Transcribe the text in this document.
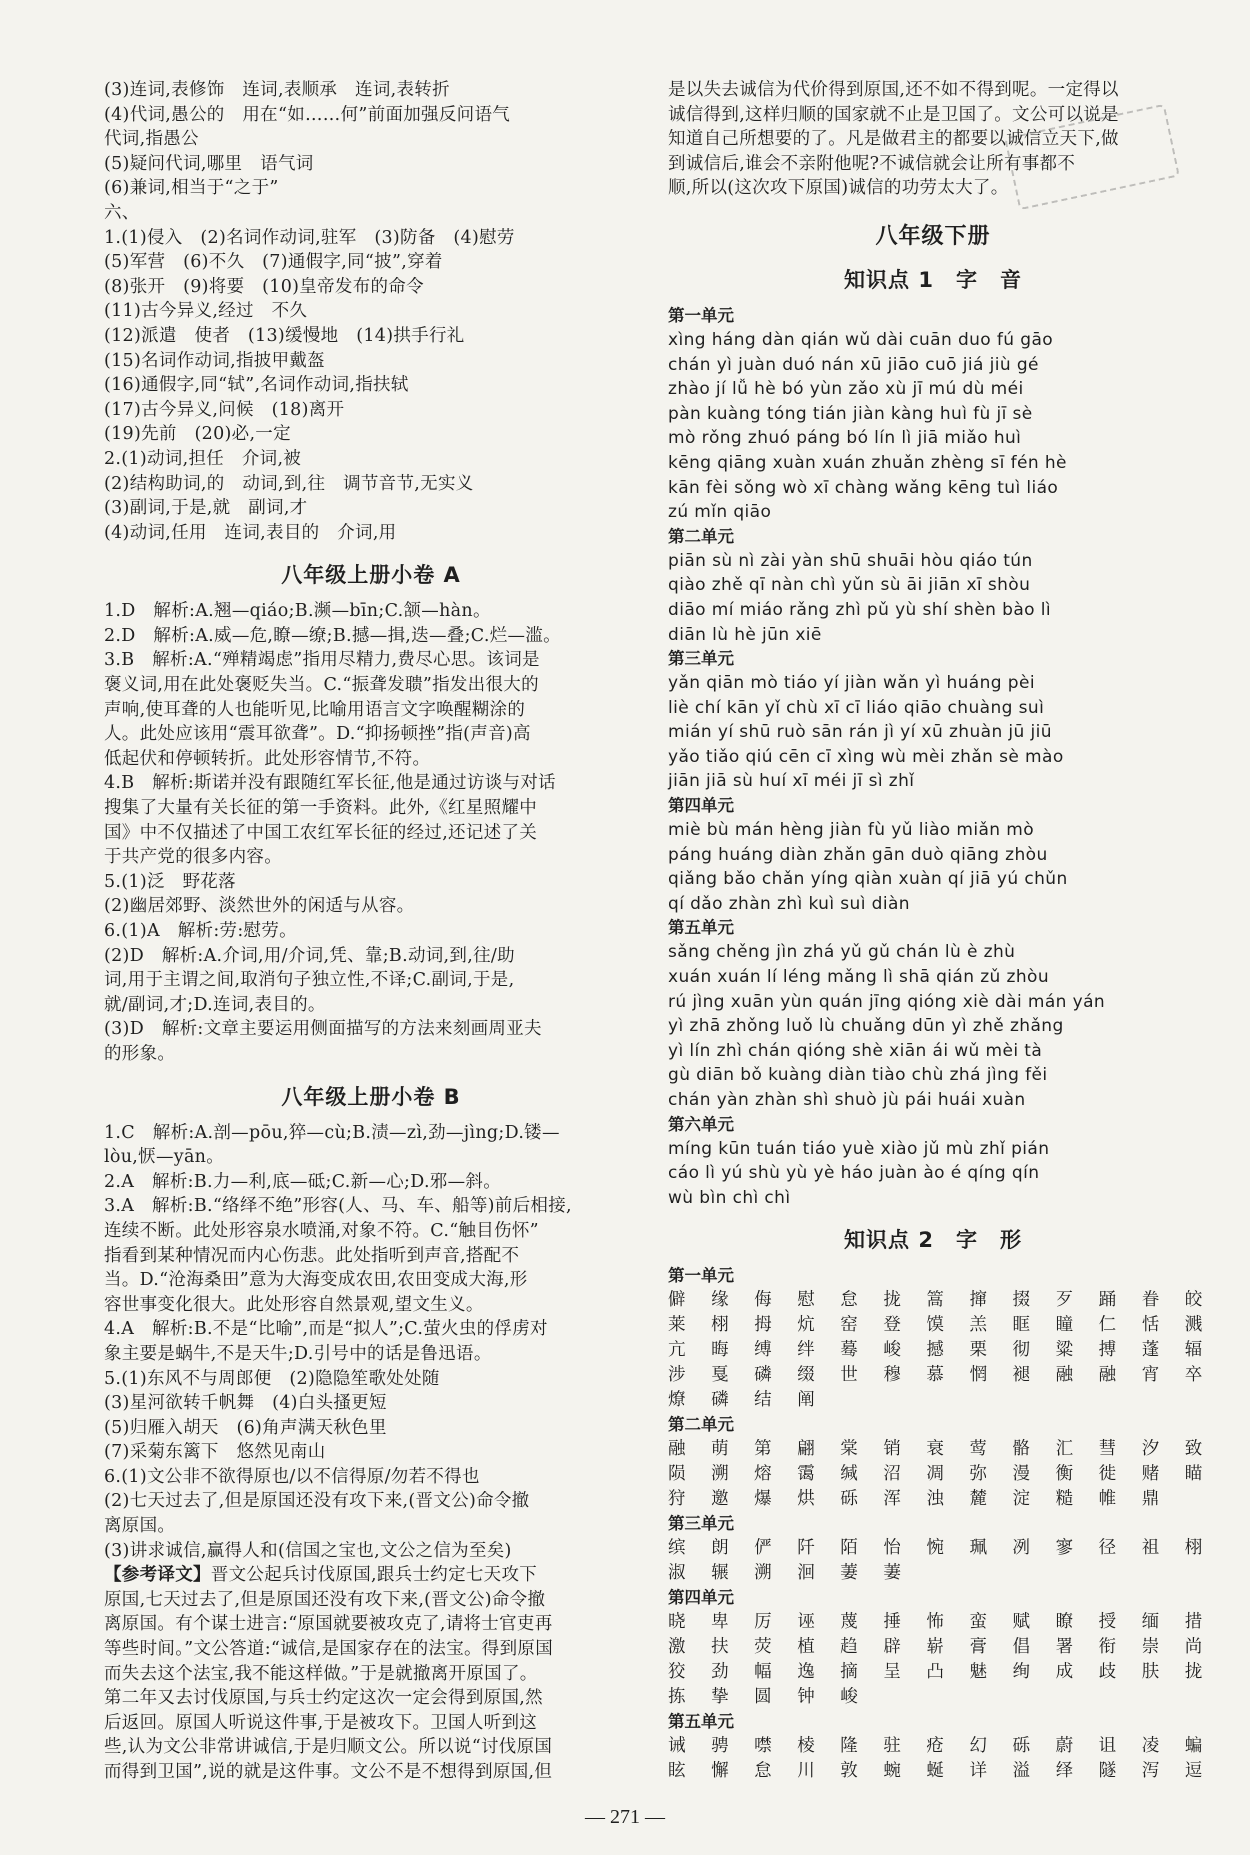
(3)连词,表修饰　连词,表顺承　连词,表转折
(4)代词,愚公的　用在“如……何”前面加强反问语气
代词,指愚公
(5)疑问代词,哪里　语气词
(6)兼词,相当于“之于”
六、
1.(1)侵入　(2)名词作动词,驻军　(3)防备　(4)慰劳
(5)军营　(6)不久　(7)通假字,同“披”,穿着
(8)张开　(9)将要　(10)皇帝发布的命令
(11)古今异义,经过　不久
(12)派遣　使者　(13)缓慢地　(14)拱手行礼
(15)名词作动词,指披甲戴盔
(16)通假字,同“轼”,名词作动词,指扶轼
(17)古今异义,问候　(18)离开
(19)先前　(20)必,一定
2.(1)动词,担任　介词,被
(2)结构助词,的　动词,到,往　调节音节,无实义
(3)副词,于是,就　副词,才
(4)动词,任用　连词,表目的　介词,用
八年级上册小卷 A
1.D　解析:A.翘—qiáo;B.濒—bīn;C.颔—hàn。
2.D　解析:A.威—危,瞭—缭;B.撼—揖,迭—叠;C.烂—滥。
3.B　解析:A.“殚精竭虑”指用尽精力,费尽心思。该词是
褒义词,用在此处褒贬失当。C.“振聋发聩”指发出很大的
声响,使耳聋的人也能听见,比喻用语言文字唤醒糊涂的
人。此处应该用“震耳欲聋”。D.“抑扬顿挫”指(声音)高
低起伏和停顿转折。此处形容情节,不符。
4.B　解析:斯诺并没有跟随红军长征,他是通过访谈与对话
搜集了大量有关长征的第一手资料。此外,《红星照耀中
国》中不仅描述了中国工农红军长征的经过,还记述了关
于共产党的很多内容。
5.(1)泛　野花落
(2)幽居郊野、淡然世外的闲适与从容。
6.(1)A　解析:劳:慰劳。
(2)D　解析:A.介词,用/介词,凭、靠;B.动词,到,往/助
词,用于主谓之间,取消句子独立性,不译;C.副词,于是,
就/副词,才;D.连词,表目的。
(3)D　解析:文章主要运用侧面描写的方法来刻画周亚夫
的形象。
八年级上册小卷 B
1.C　解析:A.剖—pōu,猝—cù;B.渍—zì,劲—jìng;D.镂—
lòu,恹—yān。
2.A　解析:B.力—利,底—砥;C.新—心;D.邪—斜。
3.A　解析:B.“络绎不绝”形容(人、马、车、船等)前后相接,
连续不断。此处形容泉水喷涌,对象不符。C.“触目伤怀”
指看到某种情况而内心伤悲。此处指听到声音,搭配不
当。D.“沧海桑田”意为大海变成农田,农田变成大海,形
容世事变化很大。此处形容自然景观,望文生义。
4.A　解析:B.不是“比喻”,而是“拟人”;C.萤火虫的俘虏对
象主要是蜗牛,不是天牛;D.引号中的话是鲁迅语。
5.(1)东风不与周郎便　(2)隐隐笙歌处处随
(3)星河欲转千帆舞　(4)白头搔更短
(5)归雁入胡天　(6)角声满天秋色里
(7)采菊东篱下　悠然见南山
6.(1)文公非不欲得原也/以不信得原/勿若不得也
(2)七天过去了,但是原国还没有攻下来,(晋文公)命令撤
离原国。
(3)讲求诚信,赢得人和(信国之宝也,文公之信为至矣)
【参考译文】晋文公起兵讨伐原国,跟兵士约定七天攻下
原国,七天过去了,但是原国还没有攻下来,(晋文公)命令撤
离原国。有个谋士进言:“原国就要被攻克了,请将士官吏再
等些时间。”文公答道:“诚信,是国家存在的法宝。得到原国
而失去这个法宝,我不能这样做。”于是就撤离开原国了。
第二年又去讨伐原国,与兵士约定这次一定会得到原国,然
后返回。原国人听说这件事,于是被攻下。卫国人听到这
些,认为文公非常讲诚信,于是归顺文公。所以说“讨伐原国
而得到卫国”,说的就是这件事。文公不是不想得到原国,但
是以失去诚信为代价得到原国,还不如不得到呢。一定得以
诚信得到,这样归顺的国家就不止是卫国了。文公可以说是
知道自己所想要的了。凡是做君主的都要以诚信立天下,做
到诚信后,谁会不亲附他呢?不诚信就会让所有事都不
顺,所以(这次攻下原国)诚信的功劳太大了。
八年级下册
知识点 1　字　音
第一单元
xìng háng dàn qián wǔ dài cuān duo fú gāo
chán yì juàn duó nán xū jiāo cuō jiá jiù gé
zhào jí lǚ hè bó yùn zǎo xù jī mú dù méi
pàn kuàng tóng tián jiàn kàng huì fù jī sè
mò rǒng zhuó páng bó lín lì jiā miǎo huì
kēng qiāng xuàn xuán zhuǎn zhèng sī fén hè
kān fèi sǒng wò xī chàng wǎng kēng tuì liáo
zú mǐn qiāo
第二单元
piān sù nì zài yàn shū shuāi hòu qiáo tún
qiào zhě qī nàn chì yǔn sù āi jiān xī shòu
diāo mí miáo rǎng zhì pǔ yù shí shèn bào lì
diān lù hè jūn xiē
第三单元
yǎn qiān mò tiáo yí jiàn wǎn yì huáng pèi
liè chí kān yǐ chù xī cī liáo qiāo chuàng suì
mián yí shū ruò sān rán jì yí xū zhuàn jū jiū
yǎo tiǎo qiú cēn cī xìng wù mèi zhǎn sè mào
jiān jiā sù huí xī méi jī sì zhǐ
第四单元
miè bù mán hèng jiàn fù yǔ liào miǎn mò
páng huáng diàn zhǎn gān duò qiāng zhòu
qiǎng bǎo chǎn yíng qiàn xuàn qí jiā yú chǔn
qí dǎo zhàn zhì kuì suì diàn
第五单元
sǎng chěng jìn zhá yǔ gǔ chán lù è zhù
xuán xuán lí léng mǎng lì shā qián zǔ zhòu
rú jìng xuān yùn quán jīng qióng xiè dài mán yán
yì zhā zhǒng luǒ lù chuǎng dūn yì zhě zhǎng
yì lín zhì chán qióng shè xiān ái wǔ mèi tà
gù diān bǒ kuàng diàn tiào chù zhá jìng fěi
chán yàn zhàn shì shuò jù pái huái xuàn
第六单元
míng kūn tuán tiáo yuè xiào jǔ mù zhǐ pián
cáo lì yú shù yù yè háo juàn ào é qíng qín
wù bìn chì chì
知识点 2　字　形
第一单元
僻 缘 侮 慰 怠 拢 篙 撺 掇 歹 踊 眷 皎
莱 栩 拇 炕 窑 登 馍 羔 眶 瞳 仁 恬 溅
亢 晦 缚 绊 蓦 峻 撼 栗 彻 粱 搏 蓬 辐
涉 戛 磷 缀 世 穆 慕 惘 褪 融 融 宵 卒
燎 磷 结 阐
第二单元
融 萌 第 翩 棠 销 衰 莺 骼 汇 彗 汐 致
陨 溯 熔 霭 缄 沼 凋 弥 漫 衡 徙 赌 瞄
狩 邀 爆 烘 砾 浑 浊 麓 淀 糙 帷 鼎
第三单元
缤 朗 俨 阡 陌 怡 惋 珮 冽 寥 径 祖 栩
淑 辗 溯 洄 萋 萋
第四单元
晓 卑 厉 诬 蔑 捶 怖 蛮 赋 瞭 授 缅 措
激 扶 荧 植 趋 辟 崭 膏 倡 署 衔 崇 尚
狡 劲 幅 逸 摘 呈 凸 魅 绚 成 歧 肤 拢
拣 挚 圆 钟 峻
第五单元
诫 骋 噤 棱 隆 驻 疮 幻 砾 蔚 诅 凌 蝙
眩 懈 怠 川 敦 蜿 蜒 详 溢 绎 隧 泻 逗
— 271 —
